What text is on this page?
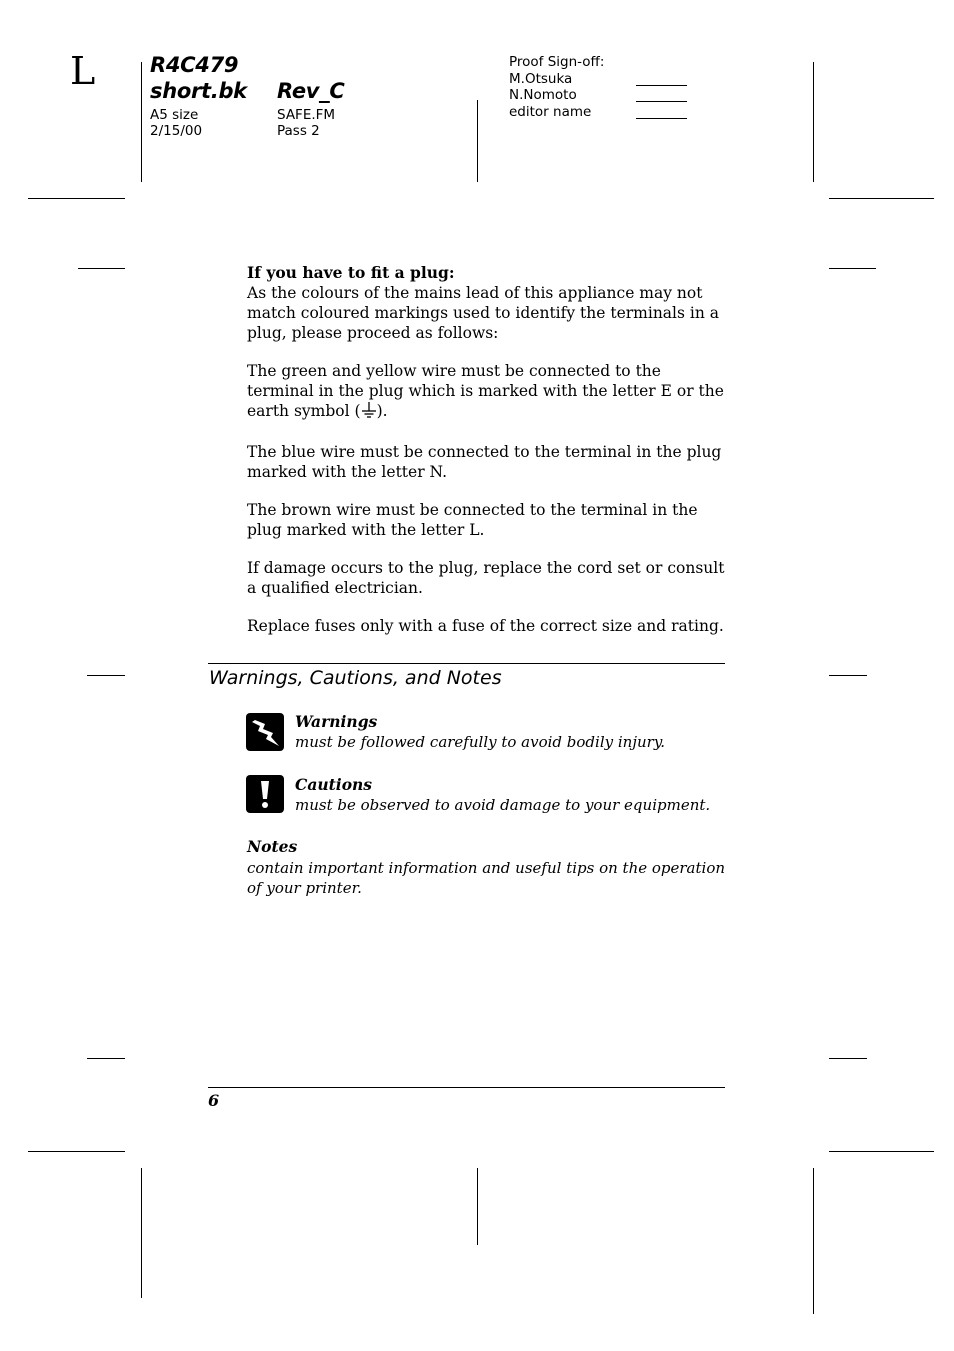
L	R4C479
short.bk Rev_C
A5 size
2/15/00
SAFE.FM
Pass 2
Proof Sign-off:
M.Otsuka
N.Nomoto
editor name

If you have to fit a plug:

As the colours of the mains lead of this appliance may not match coloured markings used to identify the terminals in a plug, please proceed as follows:

The green and yellow wire must be connected to the terminal in the plug which is marked with the letter E or the earth symbol ( ).

The blue wire must be connected to the terminal in the plug marked with the letter N.

The brown wire must be connected to the terminal in the plug marked with the letter L.

If damage occurs to the plug, replace the cord set or consult a qualified electrician.

Replace fuses only with a fuse of the correct size and rating.

Warnings, Cautions, and Notes
Warnings
must be followed carefully to avoid bodily injury.
Cautions
must be observed to avoid damage to your equipment.
Notes
contain important information and useful tips on the operation of your printer.
6
